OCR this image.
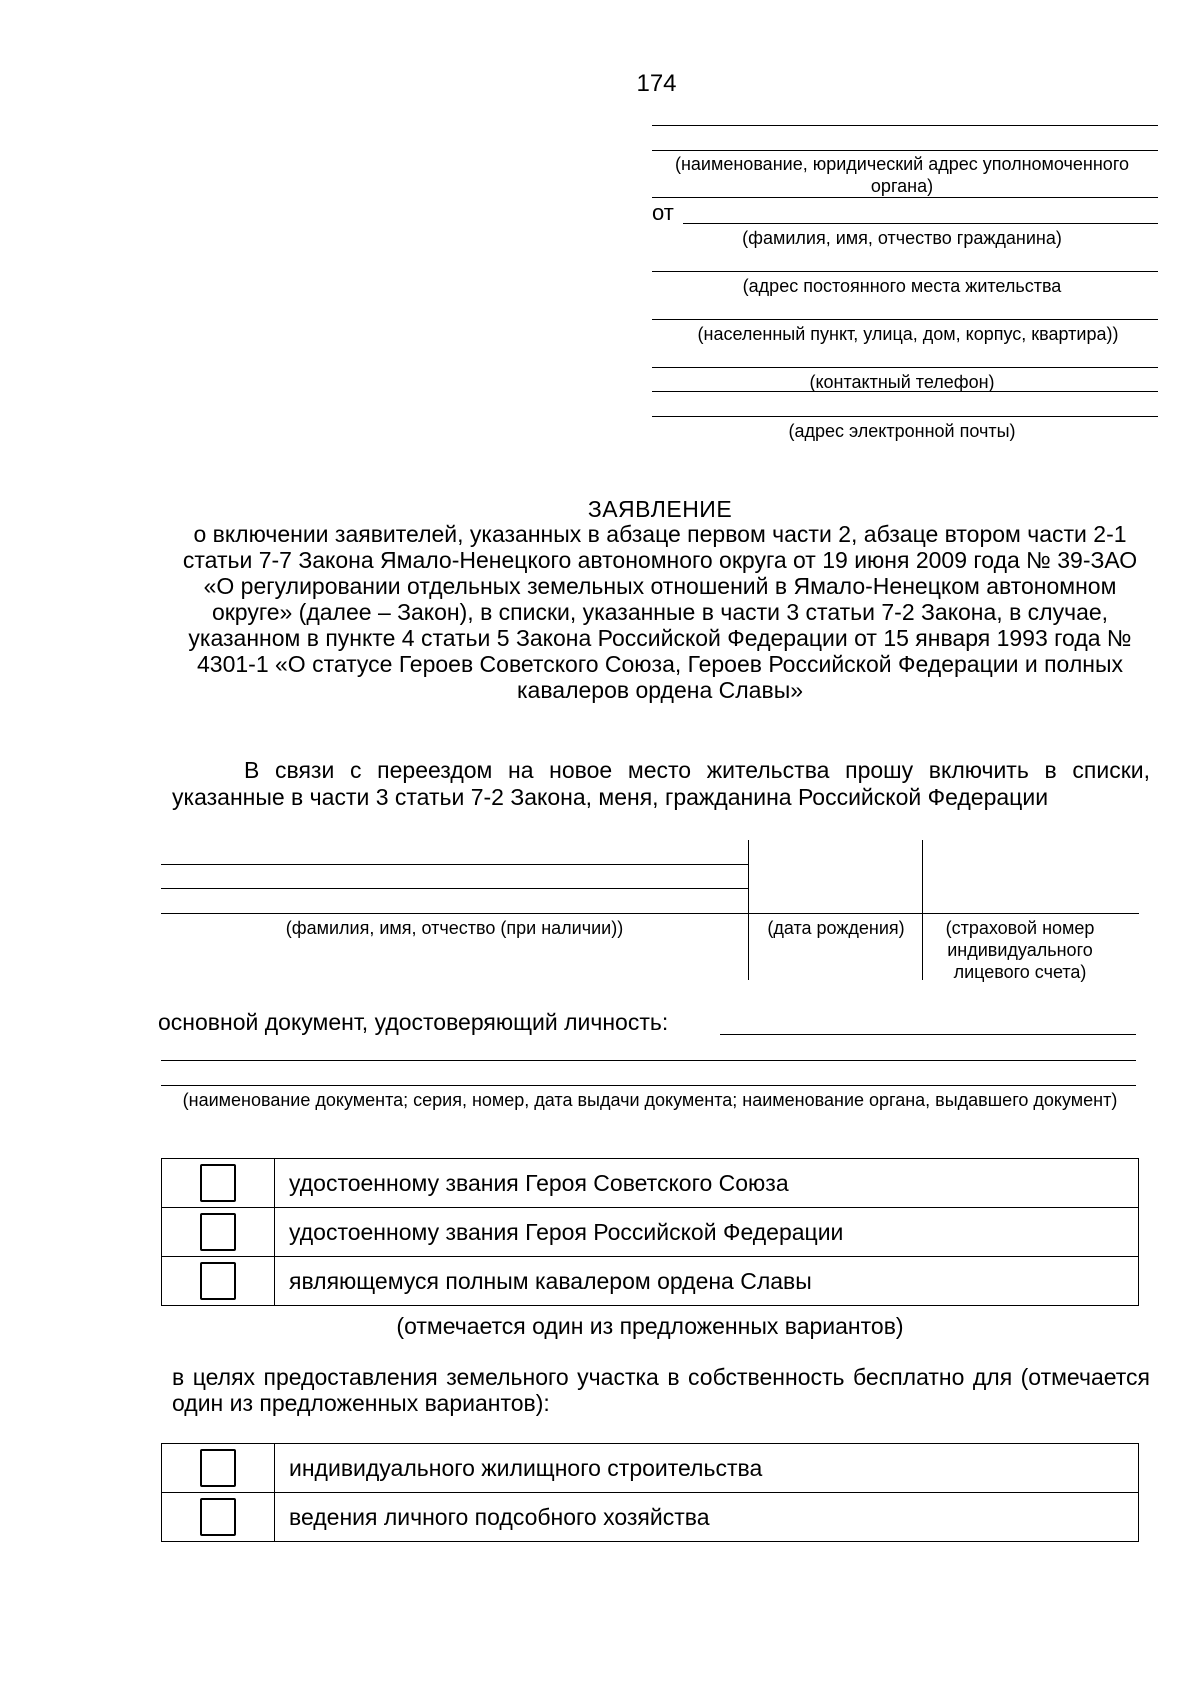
174
(наименование, юридический адрес уполномоченного органа)
от
(фамилия, имя, отчество гражданина)
(адрес постоянного места жительства
(населенный пункт, улица, дом, корпус, квартира))
(контактный телефон)
(адрес электронной почты)
ЗАЯВЛЕНИЕ
о включении заявителей, указанных в абзаце первом части 2, абзаце втором части 2-1 статьи 7-7 Закона Ямало-Ненецкого автономного округа от 19 июня 2009 года № 39-ЗАО «О регулировании отдельных земельных отношений в Ямало-Ненецком автономном округе» (далее – Закон), в списки, указанные в части 3 статьи 7-2 Закона, в случае, указанном в пункте 4 статьи 5 Закона Российской Федерации от 15 января 1993 года № 4301-1 «О статусе Героев Советского Союза, Героев Российской Федерации и полных кавалеров ордена Славы»
В связи с переездом на новое место жительства прошу включить в списки, указанные в части 3 статьи 7-2 Закона, меня, гражданина Российской Федерации
(фамилия, имя, отчество (при наличии))	(дата рождения)	(страховой номер индивидуального лицевого счета)
основной документ, удостоверяющий личность:
(наименование документа; серия, номер, дата выдачи документа; наименование органа, выдавшего документ)
	удостоенному звания Героя Советского Союза
	удостоенному звания Героя Российской Федерации
	являющемуся полным кавалером ордена Славы
(отмечается один из предложенных вариантов)
в целях предоставления земельного участка в собственность бесплатно для (отмечается один из предложенных вариантов):
	индивидуального жилищного строительства
	ведения личного подсобного хозяйства
